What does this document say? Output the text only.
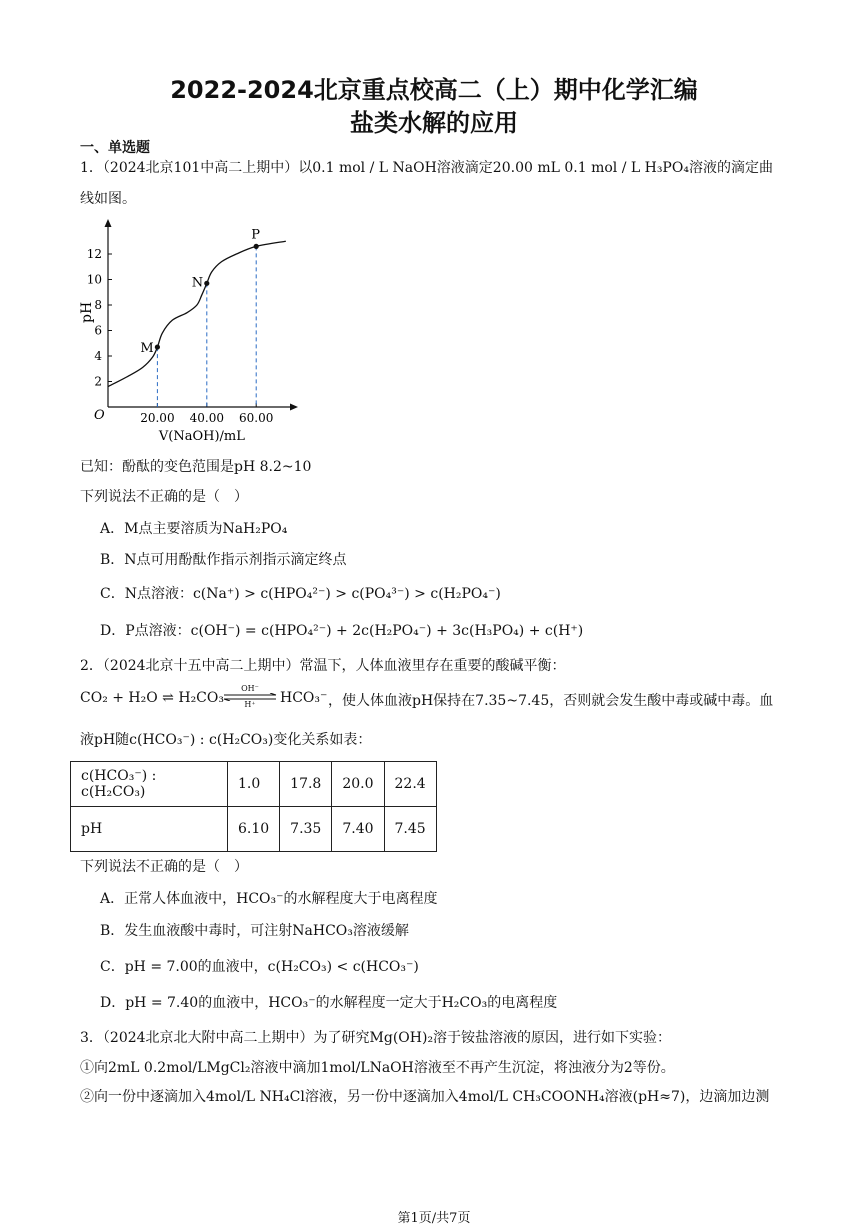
2022-2024北京重点校高二（上）期中化学汇编
盐类水解的应用
一、单选题
1．（2024北京101中高二上期中）以0.1 mol / L NaOH溶液滴定20.00 mL 0.1 mol / L H₃PO₄溶液的滴定曲
线如图。
2
4
6
8
10
12
20.00 40.00 60.00
O
pH
V(NaOH)/mL
M
N
P
已知：酚酞的变色范围是pH 8.2~10
下列说法不正确的是（　）
A．M点主要溶质为NaH₂PO₄
B．N点可用酚酞作指示剂指示滴定终点
C．N点溶液：c(Na⁺) > c(HPO₄²⁻) > c(PO₄³⁻) > c(H₂PO₄⁻)
D．P点溶液：c(OH⁻) = c(HPO₄²⁻) + 2c(H₂PO₄⁻) + 3c(H₃PO₄) + c(H⁺)
2．（2024北京十五中高二上期中）常温下，人体血液里存在重要的酸碱平衡：
CO₂ + H₂O ⇌ H₂CO₃
OH⁻
H⁺	HCO₃⁻ ，使人体血液pH保持在7.35~7.45，否则就会发生酸中毒或碱中毒。血
液pH随c(HCO₃⁻) : c(H₂CO₃)变化关系如表：
c(HCO₃⁻) : c(H₂CO₃)	1.0	17.8	20.0	22.4
pH	6.10	7.35	7.40	7.45
下列说法不正确的是（　）
A．正常人体血液中，HCO₃⁻的水解程度大于电离程度
B．发生血液酸中毒时，可注射NaHCO₃溶液缓解
C．pH = 7.00的血液中，c(H₂CO₃) < c(HCO₃⁻)
D．pH = 7.40的血液中，HCO₃⁻的水解程度一定大于H₂CO₃的电离程度
3．（2024北京北大附中高二上期中）为了研究Mg(OH)₂溶于铵盐溶液的原因，进行如下实验：
①向2mL 0.2mol/LMgCl₂溶液中滴加1mol/LNaOH溶液至不再产生沉淀，将浊液分为2等份。
②向一份中逐滴加入4mol/L NH₄Cl溶液，另一份中逐滴加入4mol/L CH₃COONH₄溶液(pH≈7)，边滴加边测
第1页/共7页
